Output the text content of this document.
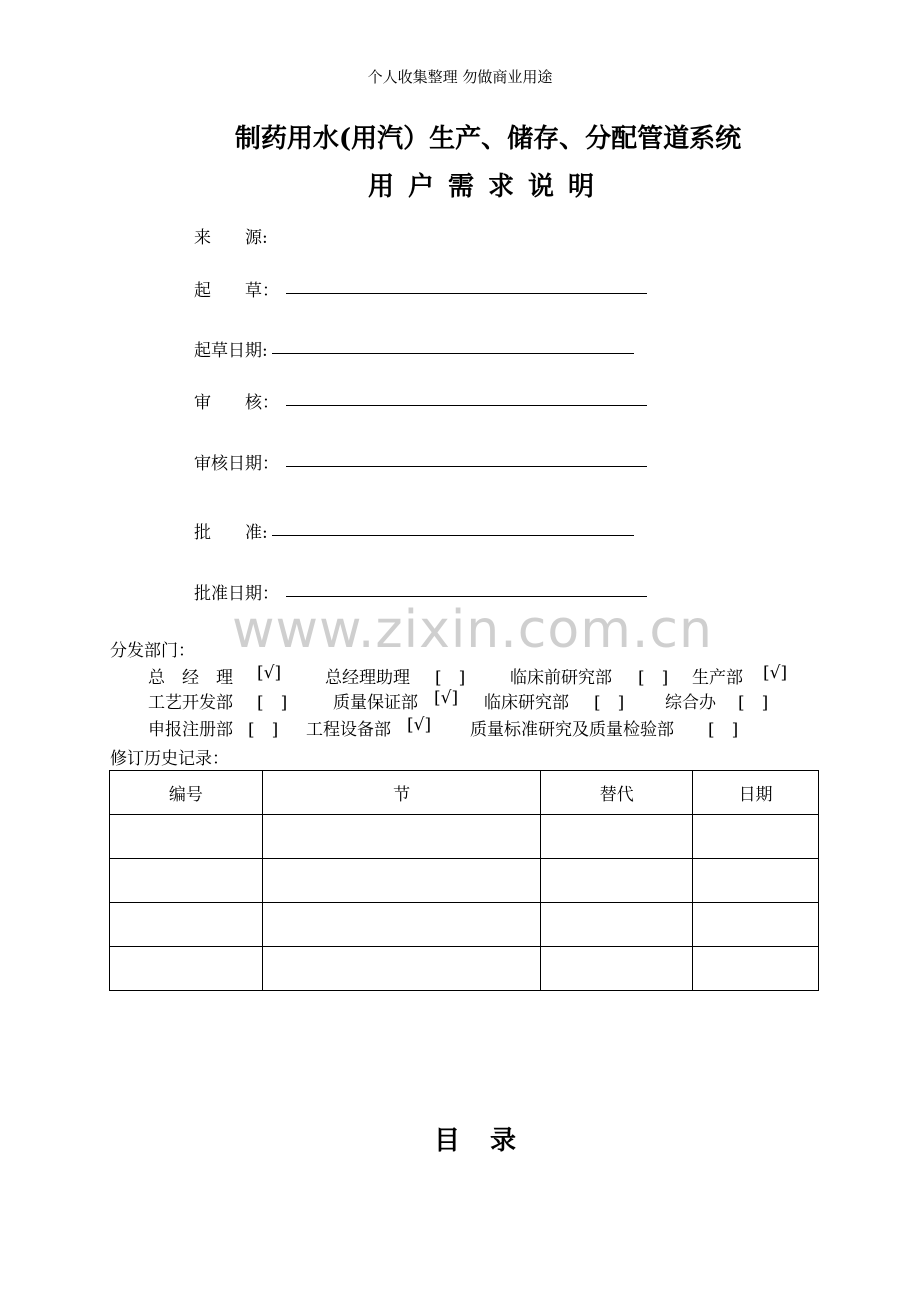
个人收集整理 勿做商业用途
制药用水(用汽）生产、储存、分配管道系统
用户需求说明
来　　源:
起　　草：
起草日期:
审　　核：
审核日期：
批　　准:
批准日期：
www.zixin.com.cn
分发部门：
总　经　理 [√]	总经理助理 [　]	临床前研究部 [　] 生产部 [√]
工艺开发部 [　]	质量保证部 [√] 临床研究部 [　] 综合办 [　]
申报注册部 [　] 工程设备部 [√] 质量标准研究及质量检验部 [　]
修订历史记录：
编号	节	替代	日期

目录
